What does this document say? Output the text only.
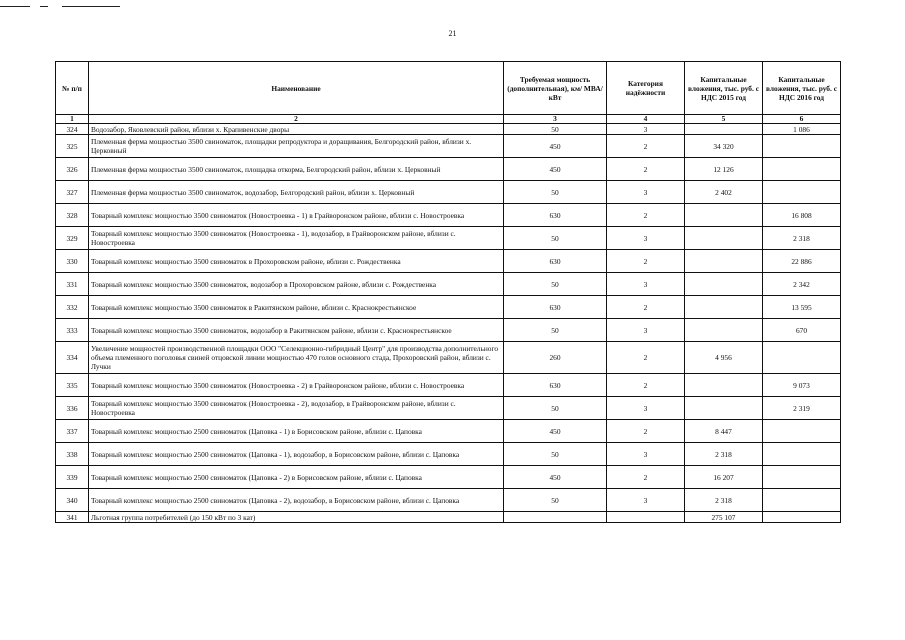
21
№ п/п	Наименование	Требуемая мощность (дополнительная), км/ МВА/ кВт	Категория надёжности	Капитальные вложения, тыс. руб. с НДС 2015 год	Капитальные вложения, тыс. руб. с НДС 2016 год
1	2	3	4	5	6
324	Водозабор, Яковлевский район, вблизи х. Крапивенские дворы	50	3		1 086
325	Племенная ферма мощностью 3500 свиноматок, площадки репродуктора и доращивания, Белгородский район, вблизи х. Церковный	450	2	34 320	
326	Племенная ферма мощностью 3500 свиноматок, площадка откорма, Белгородский район, вблизи х. Церковный	450	2	12 126	
327	Племенная ферма мощностью 3500 свиноматок, водозабор, Белгородский район, вблизи х. Церковный	50	3	2 402	
328	Товарный комплекс мощностью 3500 свиноматок (Новостроевка - 1) в Грайворонском районе, вблизи с. Новостроевка	630	2		16 808
329	Товарный комплекс мощностью 3500 свиноматок (Новостроевка - 1), водозабор, в Грайворонском районе, вблизи с. Новостроевка	50	3		2 318
330	Товарный комплекс мощностью 3500 свиноматок в Прохоровском районе, вблизи с. Рождественка	630	2		22 886
331	Товарный комплекс мощностью 3500 свиноматок, водозабор в Прохоровском районе, вблизи с. Рождественка	50	3		2 342
332	Товарный комплекс мощностью 3500 свиноматок в Ракитянском районе, вблизи с. Краснокрестьянское	630	2		13 595
333	Товарный комплекс мощностью 3500 свиноматок, водозабор в Ракитянском районе, вблизи с. Краснокрестьянское	50	3		670
334	Увеличение мощностей производственной площадки ООО "Селекционно-гибридный Центр" для производства дополнительного объема племенного поголовья свиней отцовской линии мощностью 470 голов основного стада, Прохоровский район, вблизи с. Лучки	260	2	4 956	
335	Товарный комплекс мощностью 3500 свиноматок (Новостроевка - 2) в Грайворонском районе, вблизи с. Новостроевка	630	2		9 073
336	Товарный комплекс мощностью 3500 свиноматок (Новостроевка - 2), водозабор, в Грайворонском районе, вблизи с. Новостроевка	50	3		2 319
337	Товарный комплекс мощностью 2500 свиноматок (Цаповка - 1) в Борисовском районе, вблизи с. Цаповка	450	2	8 447	
338	Товарный комплекс мощностью 2500 свиноматок (Цаповка - 1), водозабор, в Борисовском районе, вблизи с. Цаповка	50	3	2 318	
339	Товарный комплекс мощностью 2500 свиноматок (Цаповка - 2) в Борисовском районе, вблизи с. Цаповка	450	2	16 207	
340	Товарный комплекс мощностью 2500 свиноматок (Цаповка - 2), водозабор, в Борисовском районе, вблизи с. Цаповка	50	3	2 318	
341	Льготная группа потребителей (до 150 кВт по 3 кат)			275 107	
